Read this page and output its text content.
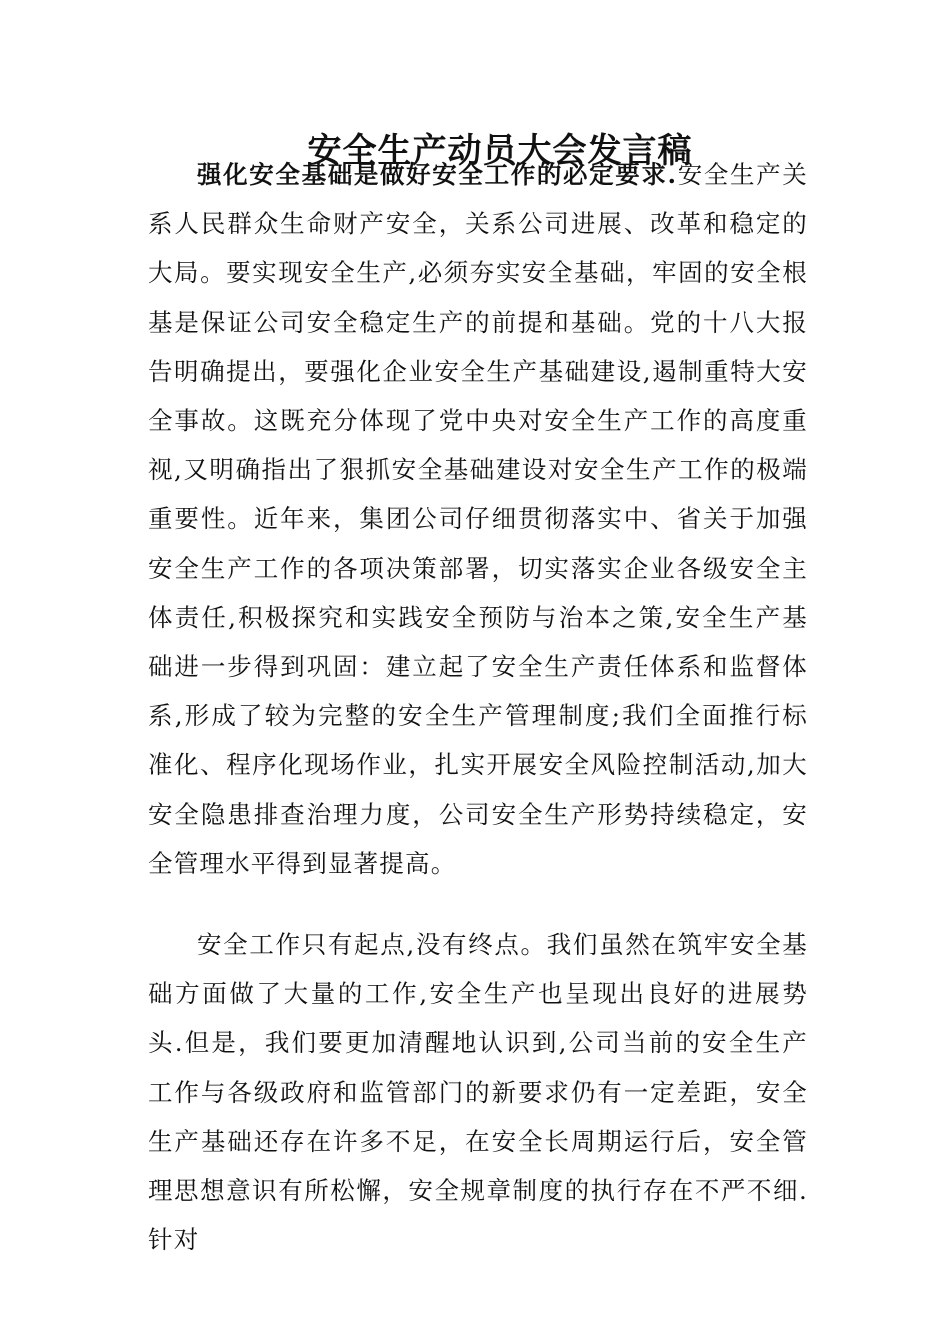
安全生产动员大会发言稿

强化安全基础是做好安全工作的必定要求.安全生产关系人民群众生命财产安全，关系公司进展、改革和稳定的大局。要实现安全生产,必须夯实安全基础，牢固的安全根基是保证公司安全稳定生产的前提和基础。党的十八大报告明确提出，要强化企业安全生产基础建设,遏制重特大安全事故。这既充分体现了党中央对安全生产工作的高度重视,又明确指出了狠抓安全基础建设对安全生产工作的极端重要性。近年来，集团公司仔细贯彻落实中、省关于加强安全生产工作的各项决策部署，切实落实企业各级安全主体责任,积极探究和实践安全预防与治本之策,安全生产基础进一步得到巩固：建立起了安全生产责任体系和监督体系,形成了较为完整的安全生产管理制度;我们全面推行标准化、程序化现场作业，扎实开展安全风险控制活动,加大安全隐患排查治理力度，公司安全生产形势持续稳定，安全管理水平得到显著提高。

安全工作只有起点,没有终点。我们虽然在筑牢安全基础方面做了大量的工作,安全生产也呈现出良好的进展势头.但是，我们要更加清醒地认识到,公司当前的安全生产工作与各级政府和监管部门的新要求仍有一定差距，安全生产基础还存在许多不足，在安全长周期运行后，安全管理思想意识有所松懈，安全规章制度的执行存在不严不细.针对
